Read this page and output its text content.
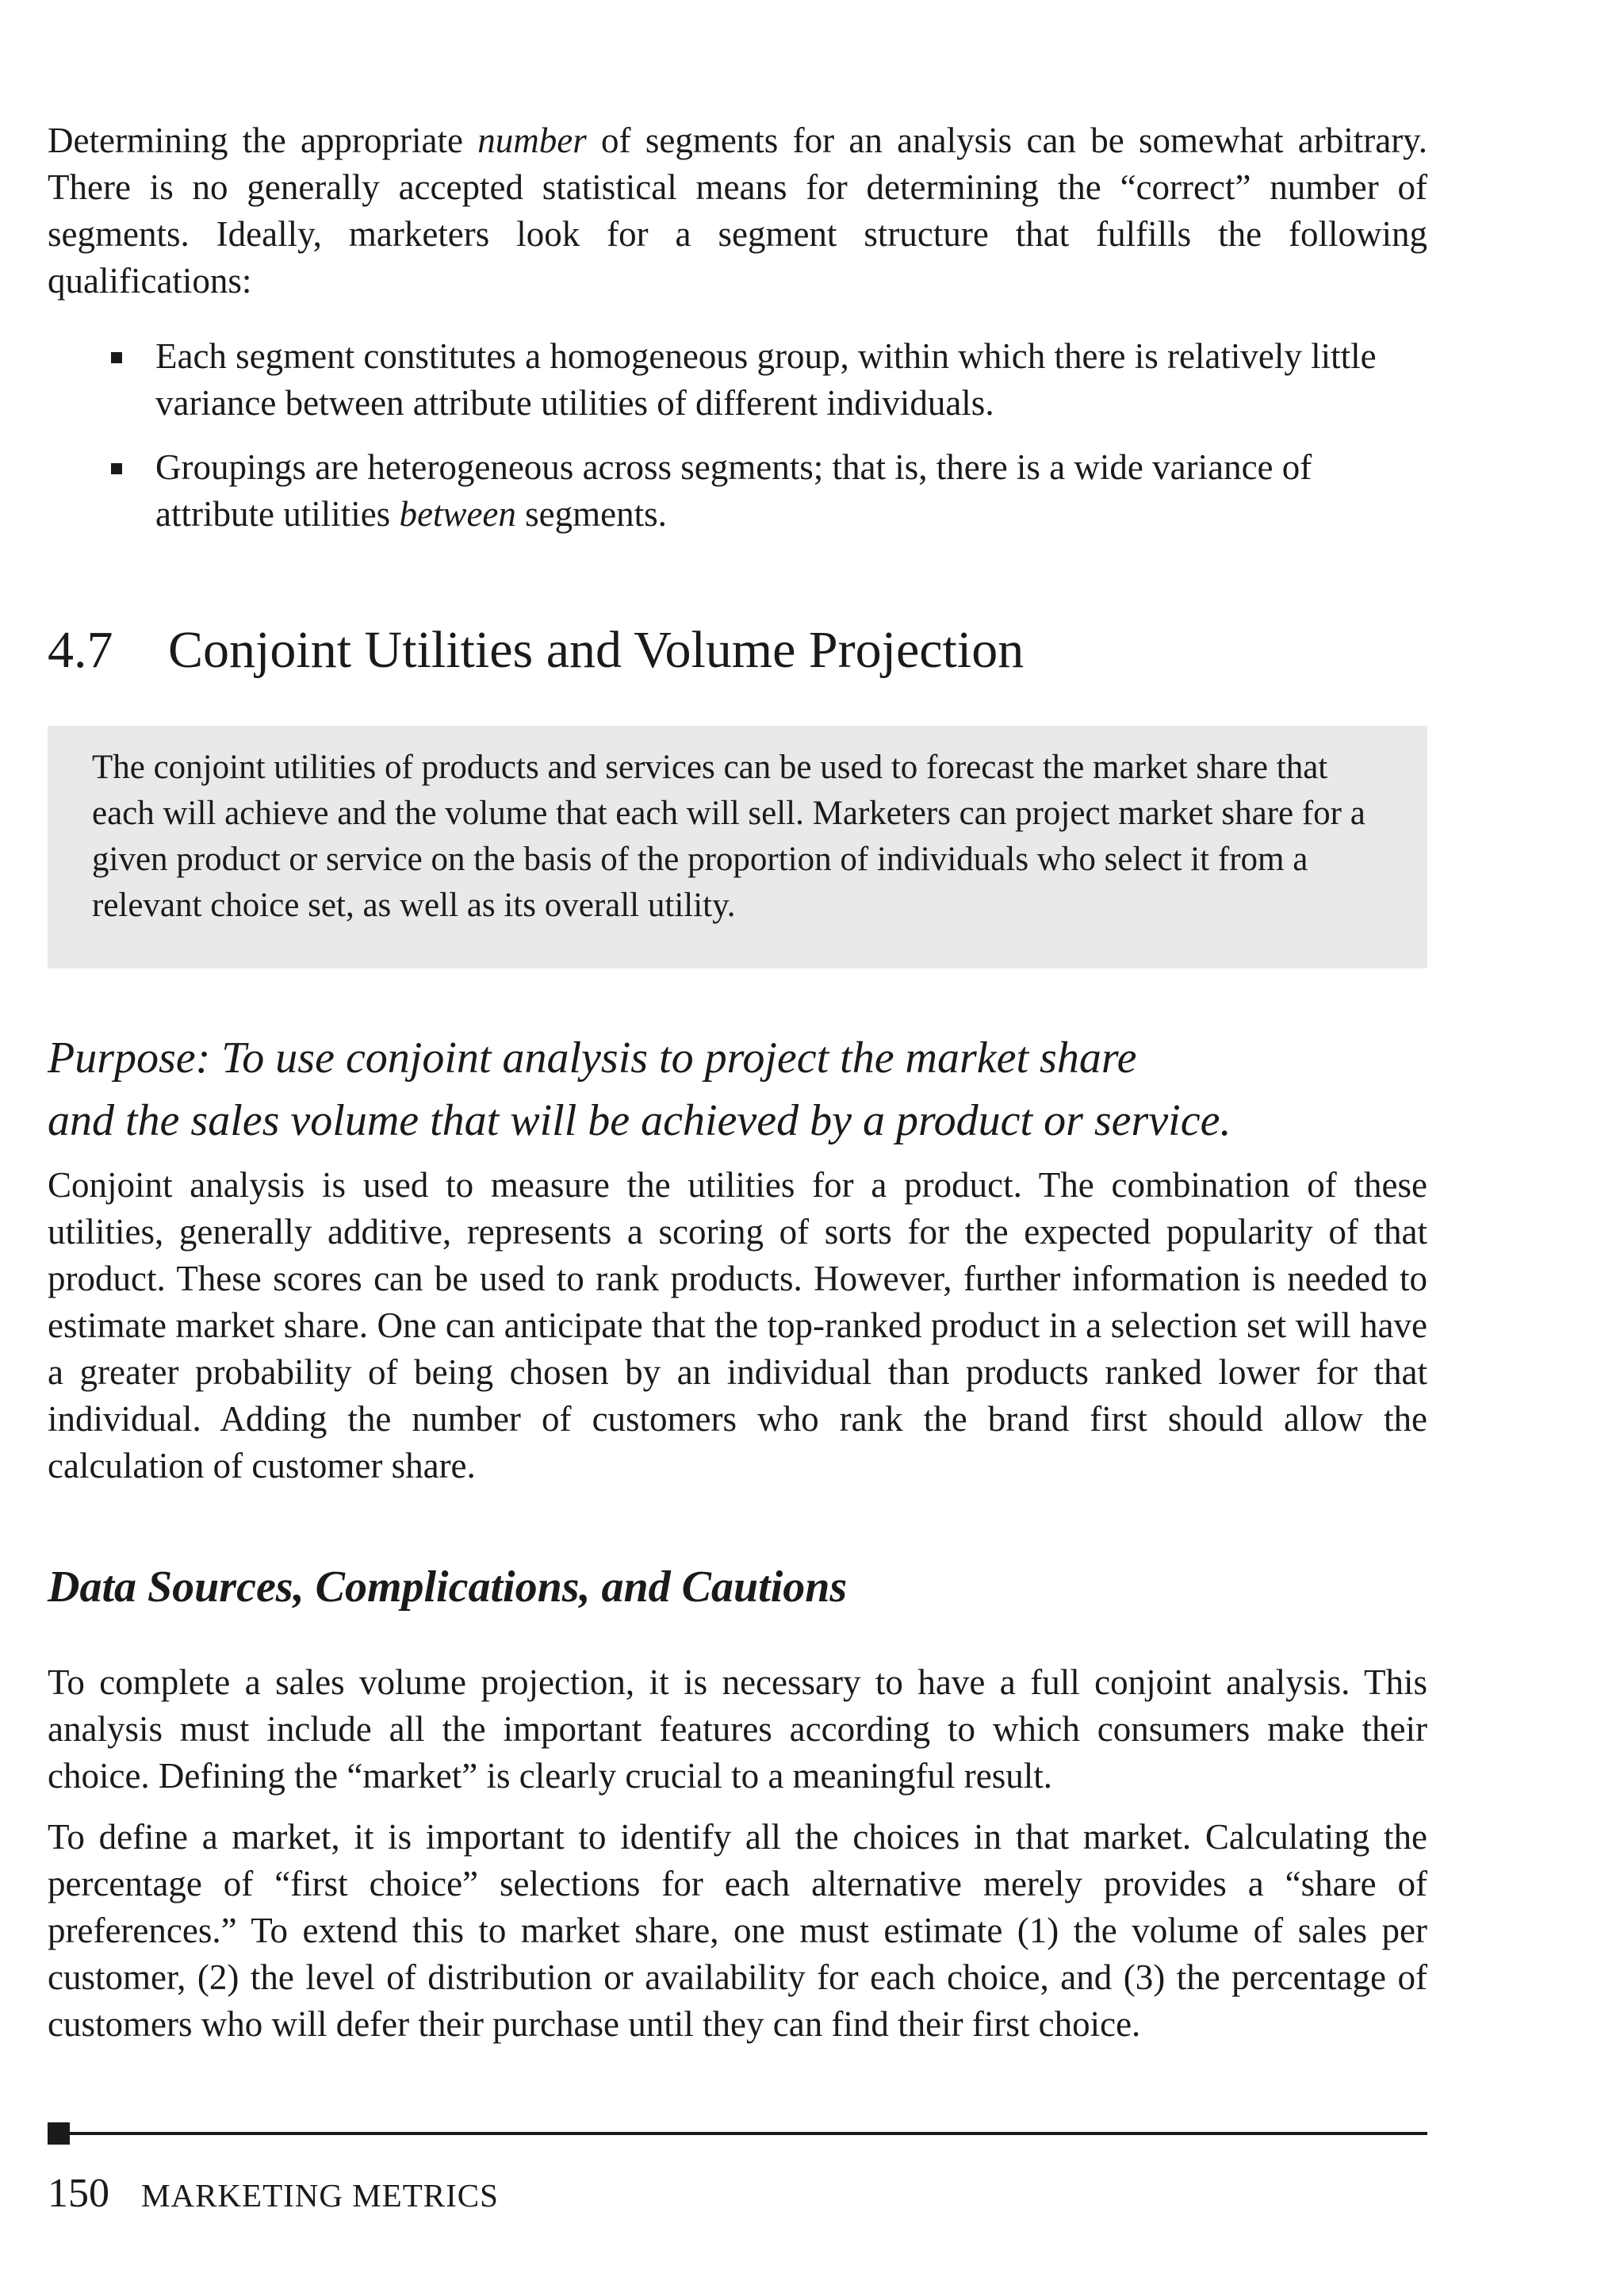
Determining the appropriate number of segments for an analysis can be somewhat arbitrary. There is no generally accepted statistical means for determining the “correct” number of segments. Ideally, marketers look for a segment structure that fulfills the following qualifications:

Each segment constitutes a homogeneous group, within which there is relatively little variance between attribute utilities of different individuals.
Groupings are heterogeneous across segments; that is, there is a wide variance of attribute utilities between segments.
4.7 Conjoint Utilities and Volume Projection

The conjoint utilities of products and services can be used to forecast the market share that each will achieve and the volume that each will sell. Marketers can project market share for a given product or service on the basis of the proportion of individuals who select it from a relevant choice set, as well as its overall utility.

Purpose: To use conjoint analysis to project the market share
and the sales volume that will be achieved by a product or service.

Conjoint analysis is used to measure the utilities for a product. The combination of these utilities, generally additive, represents a scoring of sorts for the expected popularity of that product. These scores can be used to rank products. However, further information is needed to estimate market share. One can anticipate that the top-ranked product in a selection set will have a greater probability of being chosen by an individual than products ranked lower for that individual. Adding the number of customers who rank the brand first should allow the calculation of customer share.

Data Sources, Complications, and Cautions

To complete a sales volume projection, it is necessary to have a full conjoint analysis. This analysis must include all the important features according to which consumers make their choice. Defining the “market” is clearly crucial to a meaningful result.

To define a market, it is important to identify all the choices in that market. Calculating the percentage of “first choice” selections for each alternative merely provides a “share of preferences.” To extend this to market share, one must estimate (1) the volume of sales per customer, (2) the level of distribution or availability for each choice, and (3) the percentage of customers who will defer their purchase until they can find their first choice.

150 MARKETING METRICS
